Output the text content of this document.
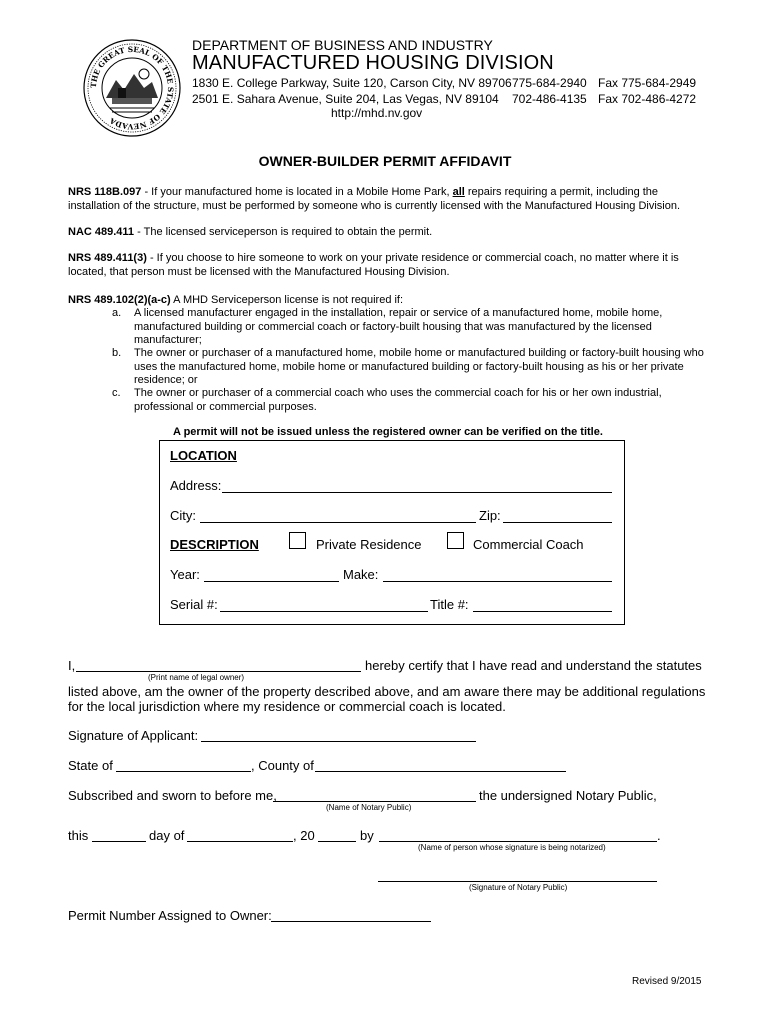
THE GREAT SEAL OF THE STATE OF NEVADA
DEPARTMENT OF BUSINESS AND INDUSTRY
MANUFACTURED HOUSING DIVISION
1830 E. College Parkway, Suite 120, Carson City, NV 89706 775-684-2940 Fax 775-684-2949
2501 E. Sahara Avenue, Suite 204, Las Vegas, NV 89104 702-486-4135 Fax 702-486-4272
http://mhd.nv.gov
OWNER-BUILDER PERMIT AFFIDAVIT
NRS 118B.097 - If your manufactured home is located in a Mobile Home Park, all repairs requiring a permit, including the installation of the structure, must be performed by someone who is currently licensed with the Manufactured Housing Division.
NAC 489.411 - The licensed serviceperson is required to obtain the permit.
NRS 489.411(3) - If you choose to hire someone to work on your private residence or commercial coach, no matter where it is located, that person must be licensed with the Manufactured Housing Division.
NRS 489.102(2)(a-c) A MHD Serviceperson license is not required if:
a. A licensed manufacturer engaged in the installation, repair or service of a manufactured home, mobile home, manufactured building or commercial coach or factory-built housing that was manufactured by the licensed manufacturer;
b. The owner or purchaser of a manufactured home, mobile home or manufactured building or factory-built housing who uses the manufactured home, mobile home or manufactured building or factory-built housing as his or her private residence; or
c. The owner or purchaser of a commercial coach who uses the commercial coach for his or her own industrial, professional or commercial purposes.
A permit will not be issued unless the registered owner can be verified on the title.
LOCATION
Address:
City:	Zip:
DESCRIPTION	Private Residence	Commercial Coach
Year:	Make:
Serial #:	Title #:
I,
(Print name of legal owner)
hereby certify that I have read and understand the statutes
listed above, am the owner of the property described above, and am aware there may be additional regulations
for the local jurisdiction where my residence or commercial coach is located.
Signature of Applicant:
State of	, County of
Subscribed and sworn to before me,
(Name of Notary Public)
the undersigned Notary Public,
this	day of	, 20	by	.
(Name of person whose signature is being notarized)
(Signature of Notary Public)
Permit Number Assigned to Owner:
Revised 9/2015
